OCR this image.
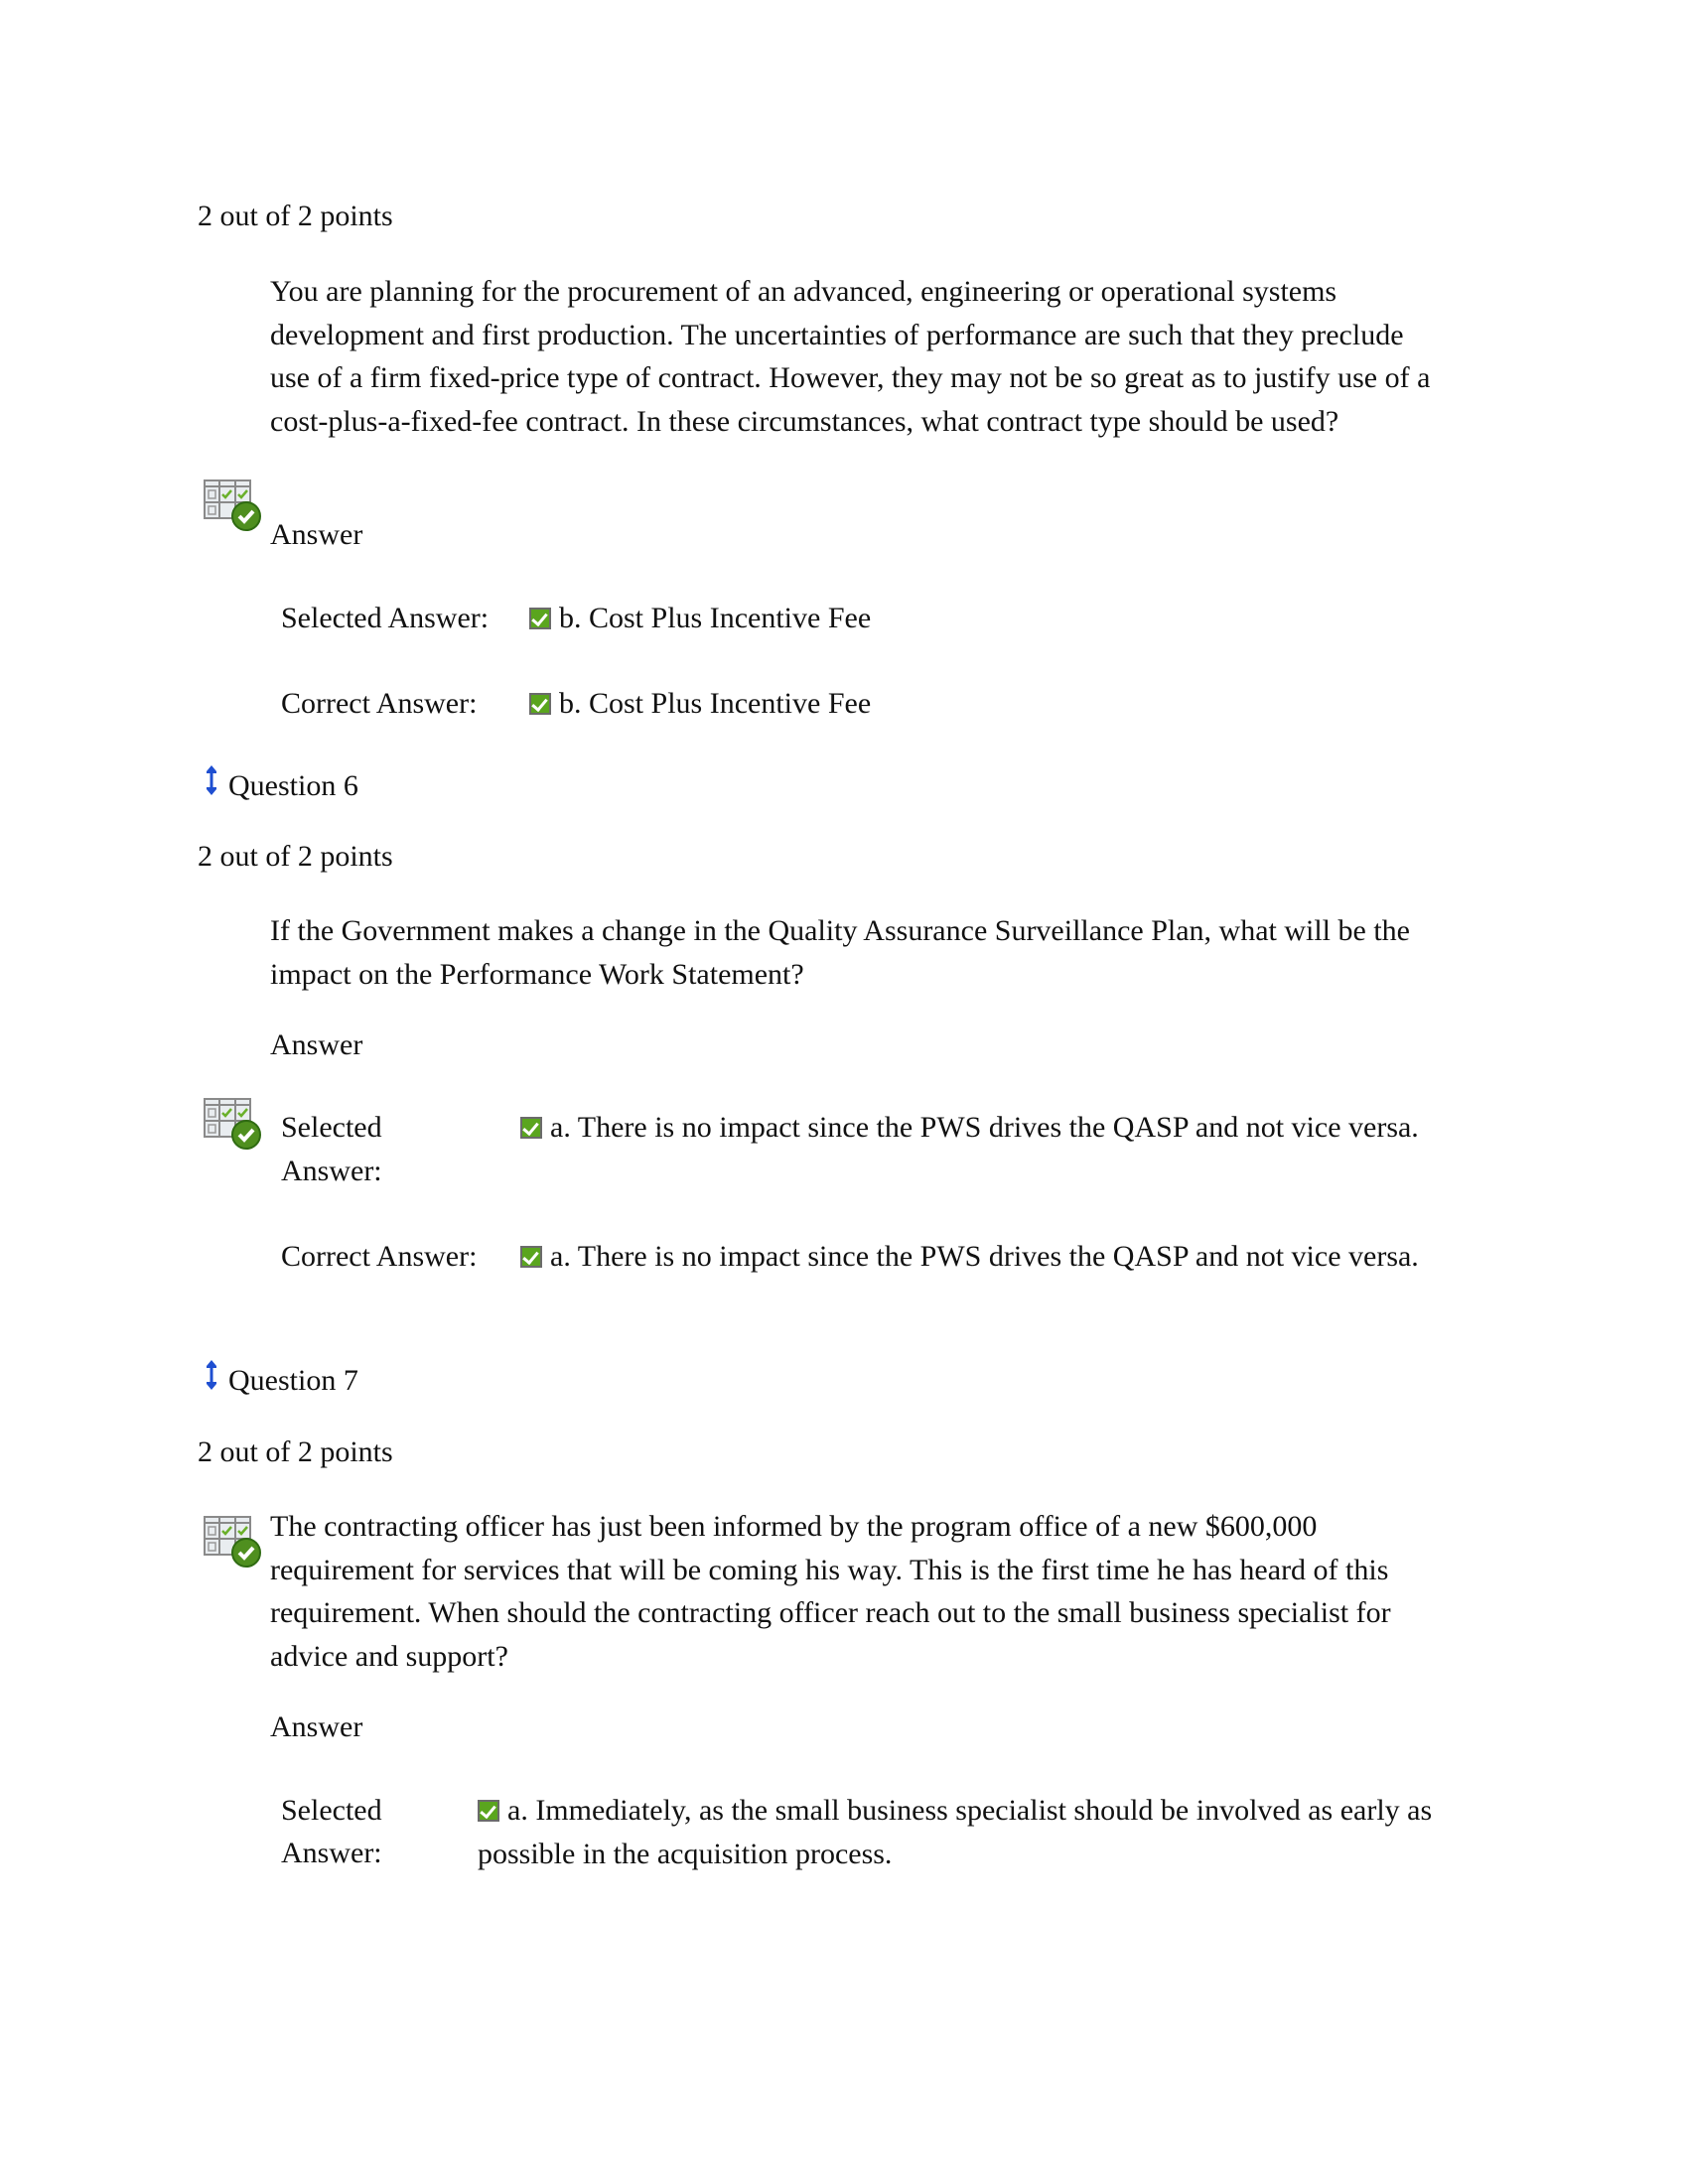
2 out of 2 points
You are planning for the procurement of an advanced, engineering or operational systems development and first production. The uncertainties of performance are such that they preclude use of a firm fixed-price type of contract. However, they may not be so great as to justify use of a cost-plus-a-fixed-fee contract. In these circumstances, what contract type should be used?
Answer
Selected Answer:	b. Cost Plus Incentive Fee
Correct Answer:	b. Cost Plus Incentive Fee
Question 6
2 out of 2 points
If the Government makes a change in the Quality Assurance Surveillance Plan, what will be the impact on the Performance Work Statement?
Answer
Selected
Answer:
a. There is no impact since the PWS drives the QASP and not vice versa.
Correct Answer:	a. There is no impact since the PWS drives the QASP and not vice versa.
Question 7
2 out of 2 points
The contracting officer has just been informed by the program office of a new $600,000 requirement for services that will be coming his way. This is the first time he has heard of this requirement. When should the contracting officer reach out to the small business specialist for advice and support?
Answer
Selected
Answer:
a. Immediately, as the small business specialist should be involved as early as possible in the acquisition process.
